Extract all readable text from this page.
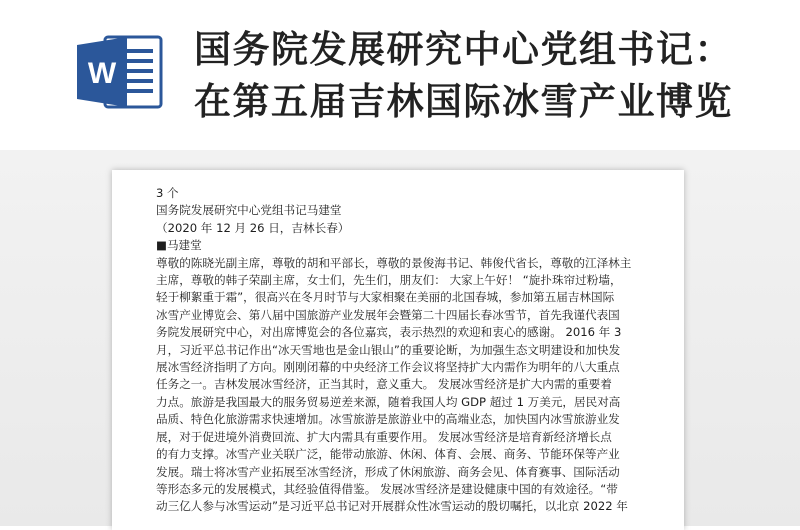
W
国务院发展研究中心党组书记：
在第五届吉林国际冰雪产业博览
3 个
国务院发展研究中心党组书记马建堂
（2020 年 12 月 26 日，吉林长春）
■马建堂
尊敬的陈晓光副主席，尊敬的胡和平部长，尊敬的景俊海书记、韩俊代省长，尊敬的江泽林主
主席，尊敬的韩子荣副主席，女士们，先生们，朋友们： 大家上午好！ “旋扑珠帘过粉墙，
轻于柳絮重于霜”，很高兴在冬月时节与大家相聚在美丽的北国春城，参加第五届吉林国际
冰雪产业博览会、第八届中国旅游产业发展年会暨第二十四届长春冰雪节，首先我谨代表国
务院发展研究中心，对出席博览会的各位嘉宾，表示热烈的欢迎和衷心的感谢。 2016 年 3
月，习近平总书记作出“冰天雪地也是金山银山”的重要论断，为加强生态文明建设和加快发
展冰雪经济指明了方向。刚刚闭幕的中央经济工作会议将坚持扩大内需作为明年的八大重点
任务之一。吉林发展冰雪经济，正当其时，意义重大。 发展冰雪经济是扩大内需的重要着
力点。旅游是我国最大的服务贸易逆差来源，随着我国人均 GDP 超过 1 万美元，居民对高
品质、特色化旅游需求快速增加。冰雪旅游是旅游业中的高端业态，加快国内冰雪旅游业发
展，对于促进境外消费回流、扩大内需具有重要作用。 发展冰雪经济是培育新经济增长点
的有力支撑。冰雪产业关联广泛，能带动旅游、休闲、体育、会展、商务、节能环保等产业
发展。瑞士将冰雪产业拓展至冰雪经济，形成了休闲旅游、商务会见、体育赛事、国际活动
等形态多元的发展模式，其经验值得借鉴。 发展冰雪经济是建设健康中国的有效途径。“带
动三亿人参与冰雪运动”是习近平总书记对开展群众性冰雪运动的殷切嘱托，以北京 2022 年
